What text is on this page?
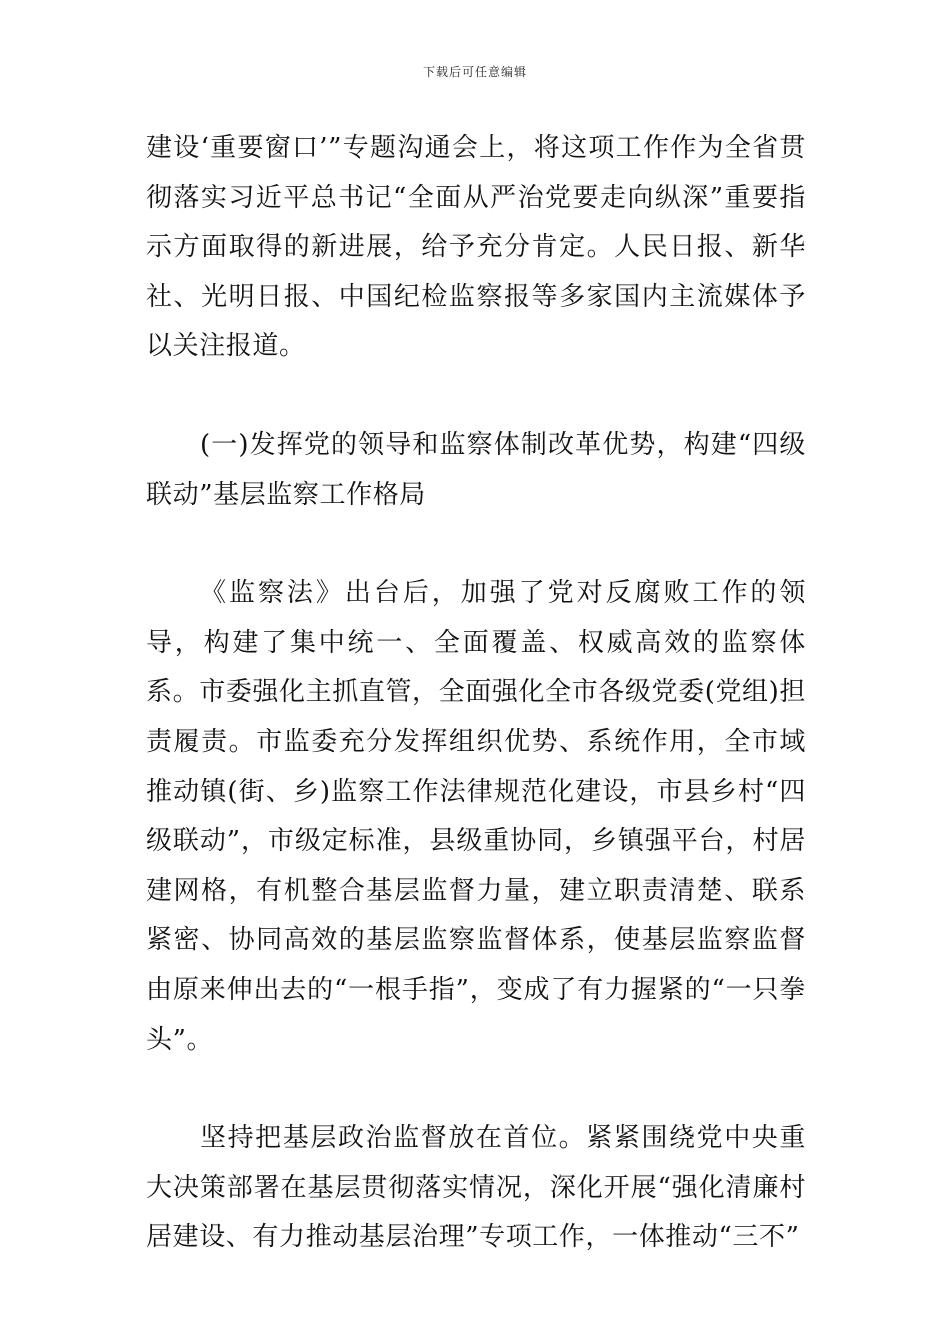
下载后可任意编辑

建设‘重要窗口’”专题沟通会上，将这项工作作为全省贯彻落实习近平总书记“全面从严治党要走向纵深”重要指示方面取得的新进展，给予充分肯定。人民日报、新华社、光明日报、中国纪检监察报等多家国内主流媒体予以关注报道。

(一)发挥党的领导和监察体制改革优势，构建“四级联动”基层监察工作格局

《监察法》出台后，加强了党对反腐败工作的领导，构建了集中统一、全面覆盖、权威高效的监察体系。市委强化主抓直管，全面强化全市各级党委(党组)担责履责。市监委充分发挥组织优势、系统作用，全市域推动镇(街、乡)监察工作法律规范化建设，市县乡村“四级联动”，市级定标准，县级重协同，乡镇强平台，村居建网格，有机整合基层监督力量，建立职责清楚、联系紧密、协同高效的基层监察监督体系，使基层监察监督由原来伸出去的“一根手指”，变成了有力握紧的“一只拳头”。

坚持把基层政治监督放在首位。紧紧围绕党中央重大决策部署在基层贯彻落实情况，深化开展“强化清廉村居建设、有力推动基层治理”专项工作，一体推动“三不”
